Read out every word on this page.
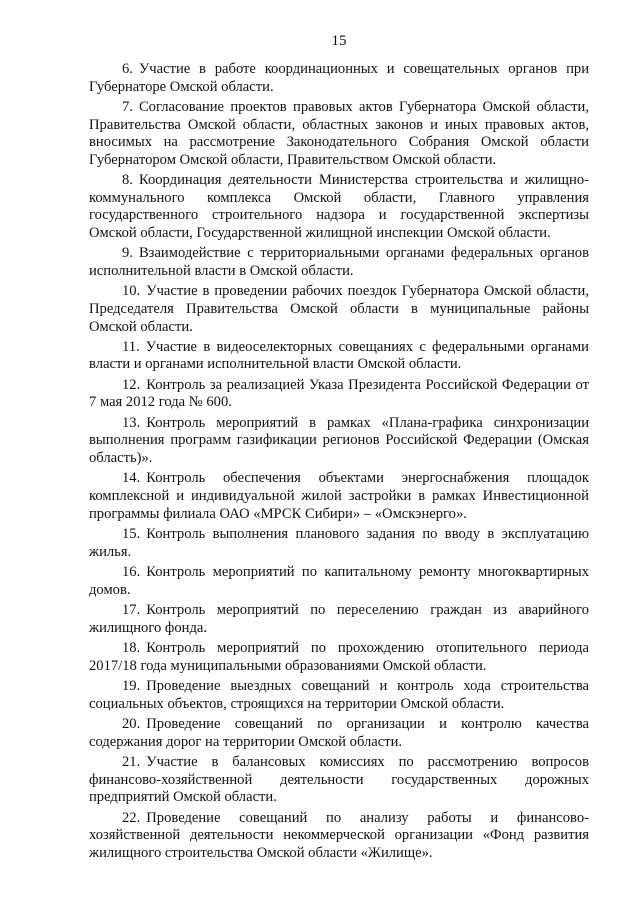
15

6. Участие в работе координационных и совещательных органов при Губернаторе Омской области.

7. Согласование проектов правовых актов Губернатора Омской области, Правительства Омской области, областных законов и иных правовых актов, вносимых на рассмотрение Законодательного Собрания Омской области Губернатором Омской области, Правительством Омской области.

8. Координация деятельности Министерства строительства и жилищно-коммунального комплекса Омской области, Главного управления государственного строительного надзора и государственной экспертизы Омской области, Государственной жилищной инспекции Омской области.

9. Взаимодействие с территориальными органами федеральных органов исполнительной власти в Омской области.

10. Участие в проведении рабочих поездок Губернатора Омской области, Председателя Правительства Омской области в муниципальные районы Омской области.

11. Участие в видеоселекторных совещаниях с федеральными органами власти и органами исполнительной власти Омской области.

12. Контроль за реализацией Указа Президента Российской Федерации от 7 мая 2012 года № 600.

13. Контроль мероприятий в рамках «Плана-графика синхронизации выполнения программ газификации регионов Российской Федерации (Омская область)».

14. Контроль обеспечения объектами энергоснабжения площадок комплексной и индивидуальной жилой застройки в рамках Инвестиционной программы филиала ОАО «МРСК Сибири» – «Омскэнерго».

15. Контроль выполнения планового задания по вводу в эксплуатацию жилья.

16. Контроль мероприятий по капитальному ремонту многоквартирных домов.

17. Контроль мероприятий по переселению граждан из аварийного жилищного фонда.

18. Контроль мероприятий по прохождению отопительного периода 2017/18 года муниципальными образованиями Омской области.

19. Проведение выездных совещаний и контроль хода строительства социальных объектов, строящихся на территории Омской области.

20. Проведение совещаний по организации и контролю качества содержания дорог на территории Омской области.

21. Участие в балансовых комиссиях по рассмотрению вопросов финансово-хозяйственной деятельности государственных дорожных предприятий Омской области.

22. Проведение совещаний по анализу работы и финансово-хозяйственной деятельности некоммерческой организации «Фонд развития жилищного строительства Омской области «Жилище».
